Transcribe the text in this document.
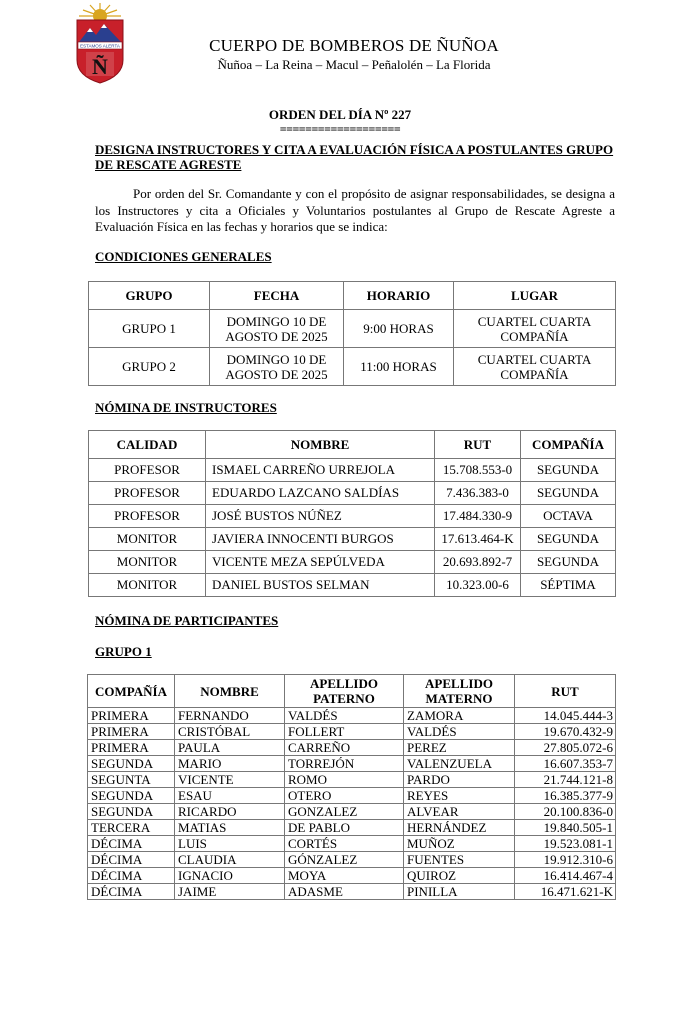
ESTAMOS ALERTA
Ñ
CUERPO DE BOMBEROS DE ÑUÑOA
Ñuñoa – La Reina – Macul – Peñalolén – La Florida
ORDEN DEL DÍA Nº 227
===================
DESIGNA INSTRUCTORES Y CITA A EVALUACIÓN FÍSICA A POSTULANTES GRUPO DE RESCATE AGRESTE
Por orden del Sr. Comandante y con el propósito de asignar responsabilidades, se designa a los Instructores y cita a Oficiales y Voluntarios postulantes al Grupo de Rescate Agreste a Evaluación Física en las fechas y horarios que se indica:
CONDICIONES GENERALES
GRUPO	FECHA	HORARIO	LUGAR
GRUPO 1	DOMINGO 10 DE AGOSTO DE 2025	9:00 HORAS	CUARTEL CUARTA COMPAÑÍA
GRUPO 2	DOMINGO 10 DE AGOSTO DE 2025	11:00 HORAS	CUARTEL CUARTA COMPAÑÍA
NÓMINA DE INSTRUCTORES
CALIDAD	NOMBRE	RUT	COMPAÑÍA
PROFESOR	ISMAEL CARREÑO URREJOLA	15.708.553-0	SEGUNDA
PROFESOR	EDUARDO LAZCANO SALDÍAS	7.436.383-0	SEGUNDA
PROFESOR	JOSÉ BUSTOS NÚÑEZ	17.484.330-9	OCTAVA
MONITOR	JAVIERA INNOCENTI BURGOS	17.613.464-K	SEGUNDA
MONITOR	VICENTE MEZA SEPÚLVEDA	20.693.892-7	SEGUNDA
MONITOR	DANIEL BUSTOS SELMAN	10.323.00-6	SÉPTIMA
NÓMINA DE PARTICIPANTES
GRUPO 1
COMPAÑÍA	NOMBRE	APELLIDO PATERNO	APELLIDO MATERNO	RUT
PRIMERA	FERNANDO	VALDÉS	ZAMORA	14.045.444-3
PRIMERA	CRISTÓBAL	FOLLERT	VALDÉS	19.670.432-9
PRIMERA	PAULA	CARREÑO	PEREZ	27.805.072-6
SEGUNDA	MARIO	TORREJÓN	VALENZUELA	16.607.353-7
SEGUNTA	VICENTE	ROMO	PARDO	21.744.121-8
SEGUNDA	ESAU	OTERO	REYES	16.385.377-9
SEGUNDA	RICARDO	GONZALEZ	ALVEAR	20.100.836-0
TERCERA	MATIAS	DE PABLO	HERNÁNDEZ	19.840.505-1
DÉCIMA	LUIS	CORTÉS	MUÑOZ	19.523.081-1
DÉCIMA	CLAUDIA	GÓNZALEZ	FUENTES	19.912.310-6
DÉCIMA	IGNACIO	MOYA	QUIROZ	16.414.467-4
DÉCIMA	JAIME	ADASME	PINILLA	16.471.621-K
